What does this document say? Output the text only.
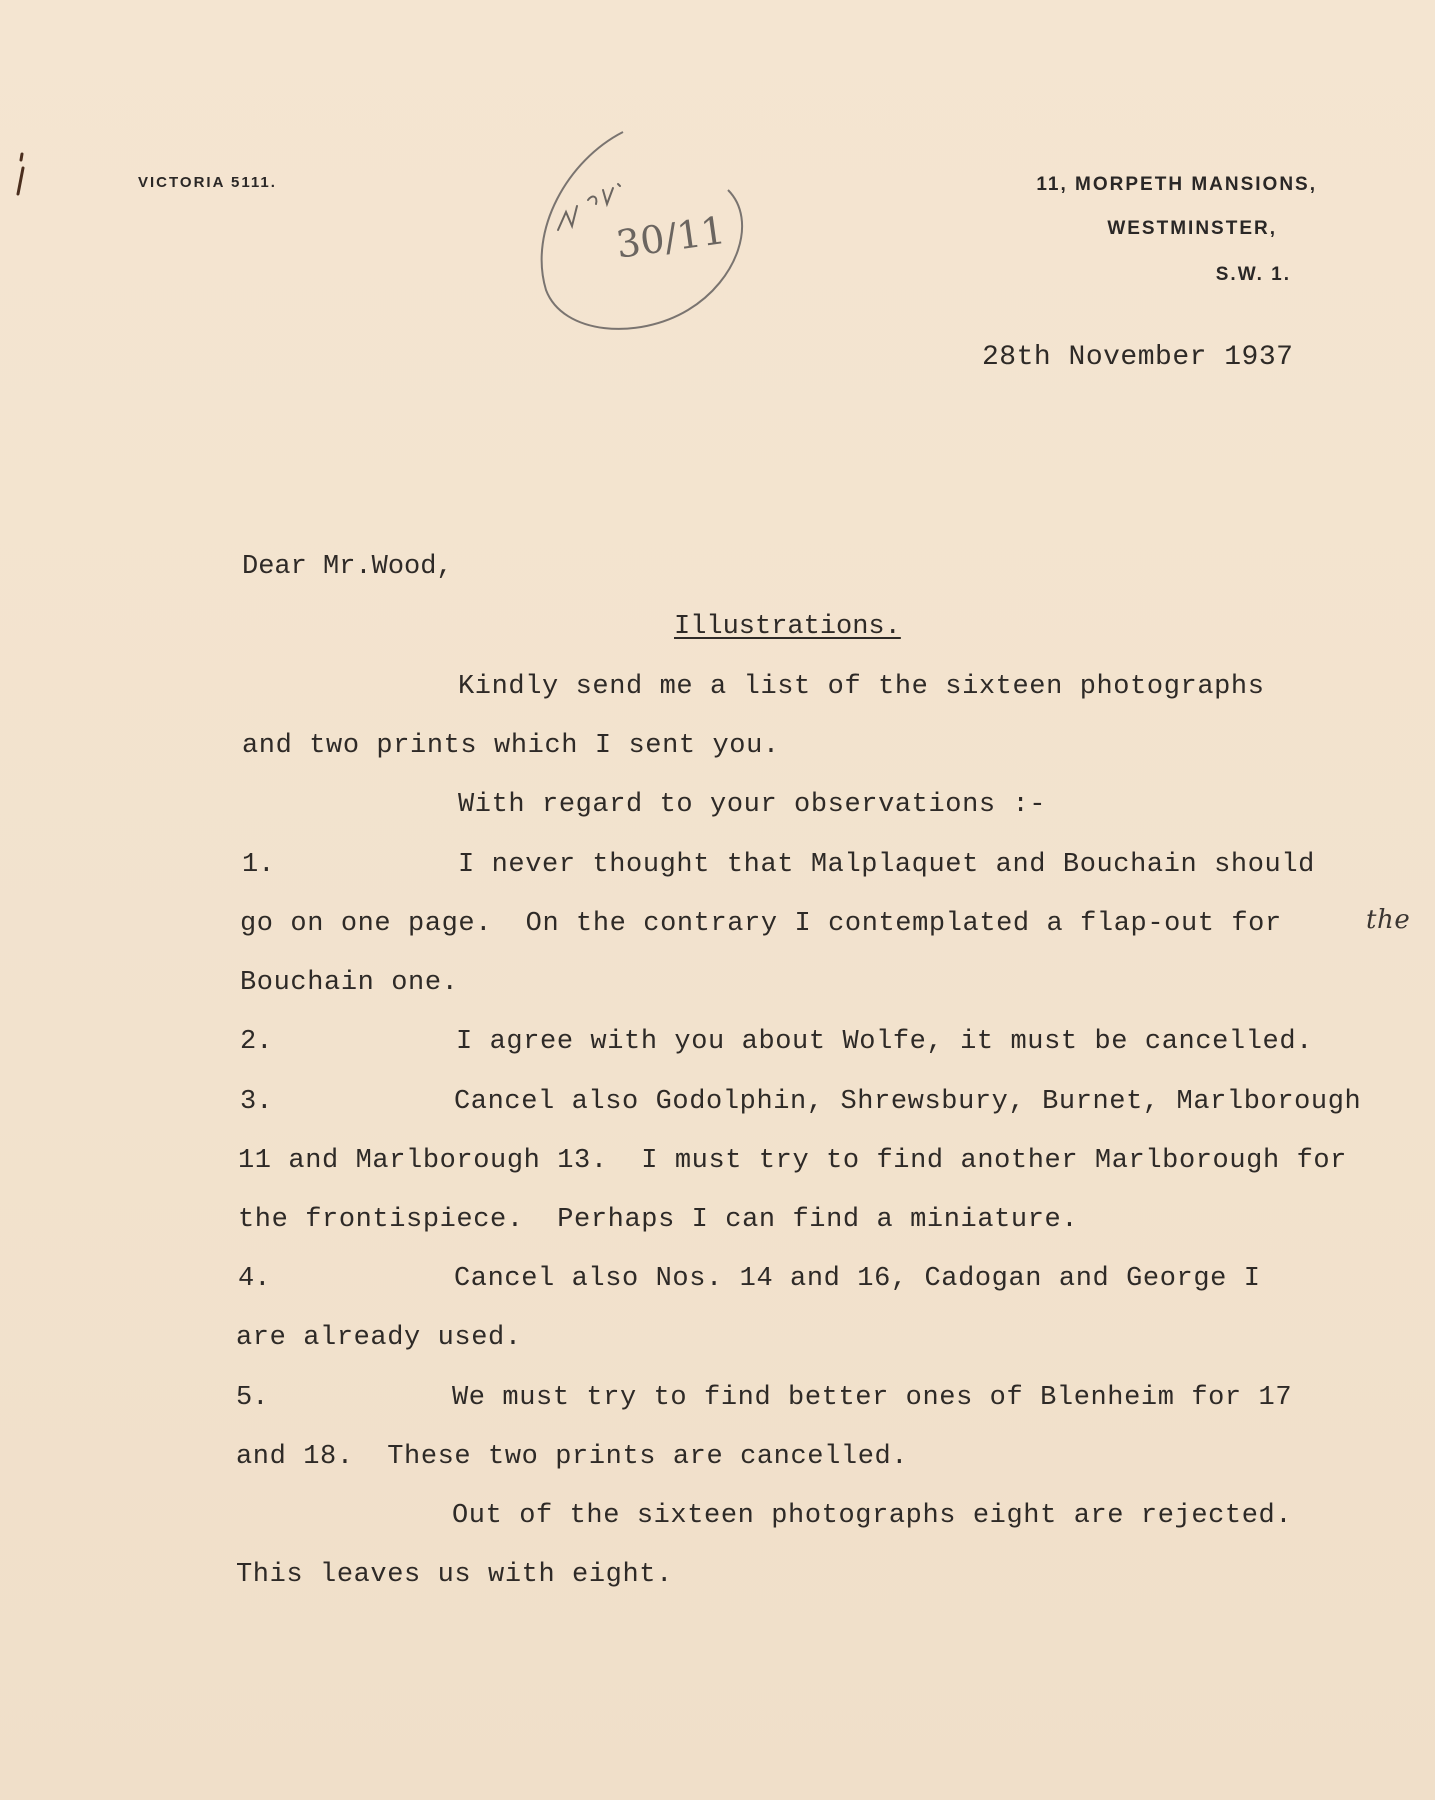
VICTORIA 5111.	11, MORPETH MANSIONS,
WESTMINSTER,
S.W. 1.
30/11
28th November 1937
Dear Mr.Wood,
Illustrations.
Kindly send me a list of the sixteen photographs
and two prints which I sent you.
With regard to your observations :-
1.	I never thought that Malplaquet and Bouchain should
go on one page.  On the contrary I contemplated a flap-out for	the
Bouchain one.
2.	I agree with you about Wolfe, it must be cancelled.
3.	Cancel also Godolphin, Shrewsbury, Burnet, Marlborough
11 and Marlborough 13.  I must try to find another Marlborough for
the frontispiece.  Perhaps I can find a miniature.
4.	Cancel also Nos. 14 and 16, Cadogan and George I
are already used.
5.	We must try to find better ones of Blenheim for 17
and 18.  These two prints are cancelled.
Out of the sixteen photographs eight are rejected.
This leaves us with eight.
